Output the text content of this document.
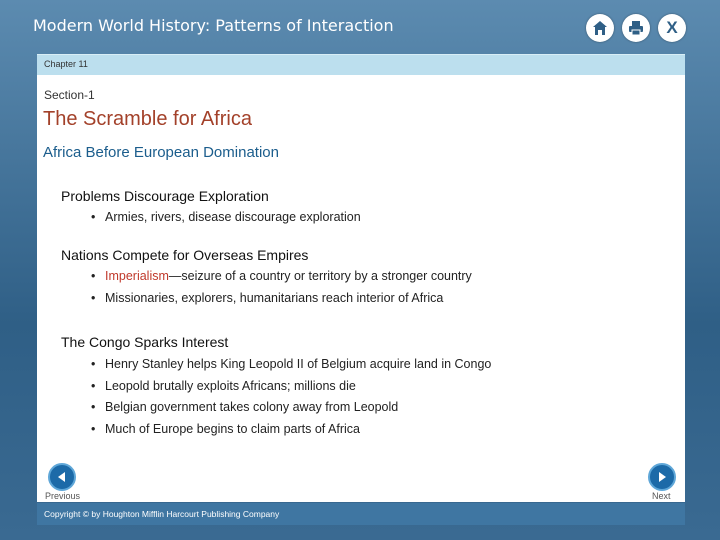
Modern World History: Patterns of Interaction	X
Chapter 11
Section-1
The Scramble for Africa
Africa Before European Domination
Problems Discourage Exploration
• Armies, rivers, disease discourage exploration
Nations Compete for Overseas Empires
• Imperialism—seizure of a country or territory by a stronger country
• Missionaries, explorers, humanitarians reach interior of Africa
The Congo Sparks Interest
• Henry Stanley helps King Leopold II of Belgium acquire land in Congo
• Leopold brutally exploits Africans; millions die
• Belgian government takes colony away from Leopold
• Much of Europe begins to claim parts of Africa
Previous	Next
Copyright © by Houghton Mifflin Harcourt Publishing Company
